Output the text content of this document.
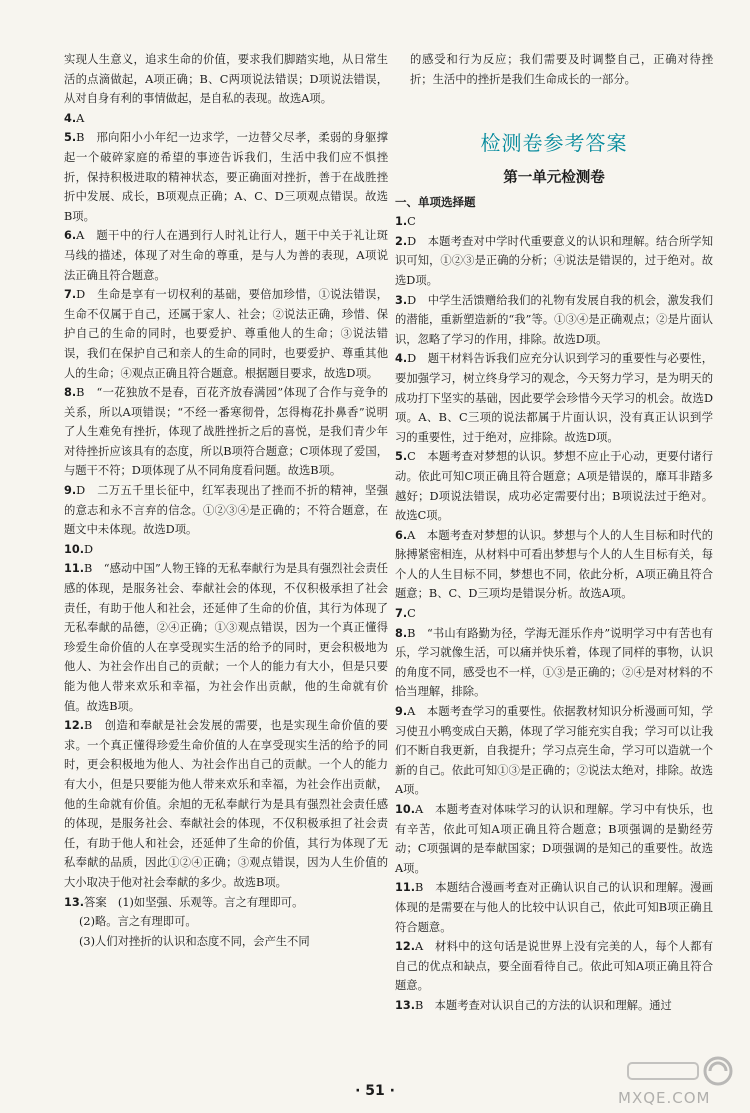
实现人生意义，追求生命的价值，要求我们脚踏实地，从日常生活的点滴做起，A项正确；B、C两项说法错误；D项说法错误，从对自身有利的事情做起，是自私的表现。故选A项。

4.A

5.B　邢向阳小小年纪一边求学，一边替父尽孝，柔弱的身躯撑起一个破碎家庭的希望的事迹告诉我们，生活中我们应不惧挫折，保持积极进取的精神状态，要正确面对挫折，善于在战胜挫折中发展、成长，B项观点正确；A、C、D三项观点错误。故选B项。

6.A　题干中的行人在遇到行人时礼让行人，题干中关于礼让斑马线的描述，体现了对生命的尊重，是与人为善的表现，A项说法正确且符合题意。

7.D　生命是享有一切权利的基础，要倍加珍惜，①说法错误，生命不仅属于自己，还属于家人、社会；②说法正确，珍惜、保护自己的生命的同时，也要爱护、尊重他人的生命；③说法错误，我们在保护自己和亲人的生命的同时，也要爱护、尊重其他人的生命；④观点正确且符合题意。根据题目要求，故选D项。

8.B　“一花独放不是春，百花齐放春满园”体现了合作与竞争的关系，所以A项错误；“不经一番寒彻骨，怎得梅花扑鼻香”说明了人生难免有挫折，体现了战胜挫折之后的喜悦，是我们青少年对待挫折应该具有的态度，所以B项符合题意；C项体现了爱国，与题干不符；D项体现了从不同角度看问题。故选B项。

9.D　二万五千里长征中，红军表现出了挫而不折的精神，坚强的意志和永不言弃的信念。①②③④是正确的；不符合题意，在题文中未体现。故选D项。

10.D

11.B　“感动中国”人物王锋的无私奉献行为是具有强烈社会责任感的体现，是服务社会、奉献社会的体现，不仅积极承担了社会责任，有助于他人和社会，还延伸了生命的价值，其行为体现了无私奉献的品德，②④正确；①③观点错误，因为一个真正懂得珍爱生命价值的人在享受现实生活的给予的同时，更会积极地为他人、为社会作出自己的贡献；一个人的能力有大小，但是只要能为他人带来欢乐和幸福，为社会作出贡献，他的生命就有价值。故选B项。

12.B　创造和奉献是社会发展的需要，也是实现生命价值的要求。一个真正懂得珍爱生命价值的人在享受现实生活的给予的同时，更会积极地为他人、为社会作出自己的贡献。一个人的能力有大小，但是只要能为他人带来欢乐和幸福，为社会作出贡献，他的生命就有价值。余旭的无私奉献行为是具有强烈社会责任感的体现，是服务社会、奉献社会的体现，不仅积极承担了社会责任，有助于他人和社会，还延伸了生命的价值，其行为体现了无私奉献的品质，因此①②④正确；③观点错误，因为人生价值的大小取决于他对社会奉献的多少。故选B项。

13.答案　(1)如坚强、乐观等。言之有理即可。

(2)略。言之有理即可。

(3)人们对挫折的认识和态度不同，会产生不同

的感受和行为反应；我们需要及时调整自己，正确对待挫折；生活中的挫折是我们生命成长的一部分。

检测卷参考答案
第一单元检测卷
一、单项选择题

1.C

2.D　本题考查对中学时代重要意义的认识和理解。结合所学知识可知，①②③是正确的分析；④说法是错误的，过于绝对。故选D项。

3.D　中学生活馈赠给我们的礼物有发展自我的机会，激发我们的潜能，重新塑造新的“我”等。①③④是正确观点；②是片面认识，忽略了学习的作用，排除。故选D项。

4.D　题干材料告诉我们应充分认识到学习的重要性与必要性，要加强学习，树立终身学习的观念，今天努力学习，是为明天的成功打下坚实的基础，因此要学会珍惜今天学习的机会。故选D项。A、B、C三项的说法都属于片面认识，没有真正认识到学习的重要性，过于绝对，应排除。故选D项。

5.C　本题考查对梦想的认识。梦想不应止于心动，更要付诸行动。依此可知C项正确且符合题意；A项是错误的，靡耳非踏多越好；D项说法错误，成功必定需要付出；B项说法过于绝对。故选C项。

6.A　本题考查对梦想的认识。梦想与个人的人生目标和时代的脉搏紧密相连，从材料中可看出梦想与个人的人生目标有关，每个人的人生目标不同，梦想也不同，依此分析，A项正确且符合题意；B、C、D三项均是错误分析。故选A项。

7.C

8.B　“书山有路勤为径，学海无涯乐作舟”说明学习中有苦也有乐，学习就像生活，可以痛并快乐着，体现了同样的事物，认识的角度不同，感受也不一样，①③是正确的；②④是对材料的不恰当理解，排除。

9.A　本题考查学习的重要性。依据教材知识分析漫画可知，学习使丑小鸭变成白天鹅，体现了学习能充实自我；学习可以让我们不断自我更新，自我提升；学习点亮生命，学习可以造就一个新的自己。依此可知①③是正确的；②说法太绝对，排除。故选A项。

10.A　本题考查对体味学习的认识和理解。学习中有快乐，也有辛苦，依此可知A项正确且符合题意；B项强调的是勤经劳动；C项强调的是奉献国家；D项强调的是知己的重要性。故选A项。

11.B　本题结合漫画考查对正确认识自己的认识和理解。漫画体现的是需要在与他人的比较中认识自己，依此可知B项正确且符合题意。

12.A　材料中的这句话是说世界上没有完美的人，每个人都有自己的优点和缺点，要全面看待自己。依此可知A项正确且符合题意。

13.B　本题考查对认识自己的方法的认识和理解。通过

· 51 ·	MXQE.COM
